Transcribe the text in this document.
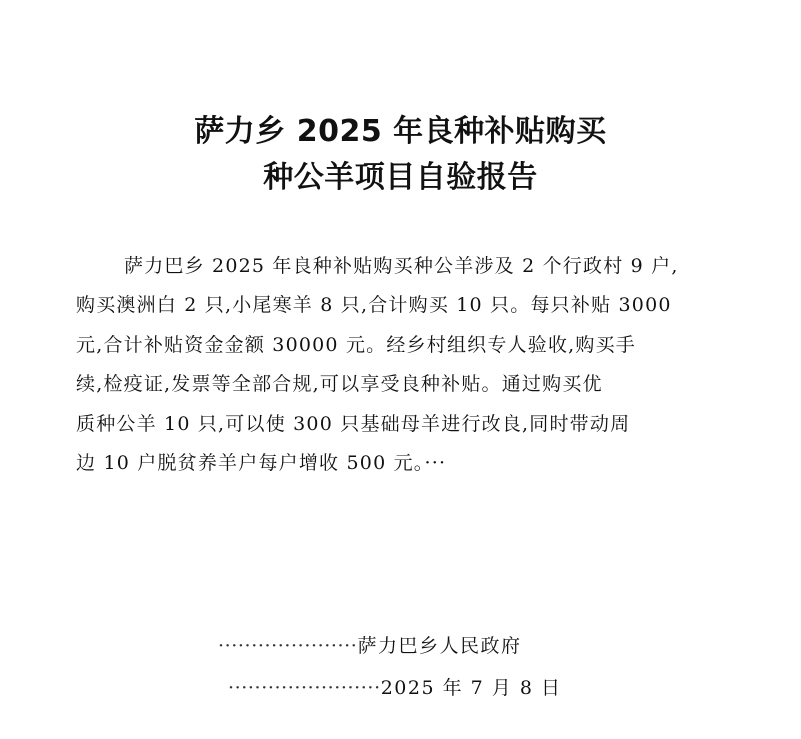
萨力乡 2025 年良种补贴购买
种公羊项目自验报告
萨力巴乡 2025 年良种补贴购买种公羊涉及 2 个行政村 9 户,
购买澳洲白 2 只,小尾寒羊 8 只,合计购买 10 只。每只补贴 3000
元,合计补贴资金金额 30000 元。经乡村组织专人验收,购买手
续,检疫证,发票等全部合规,可以享受良种补贴。通过购买优
质种公羊 10 只,可以使 300 只基础母羊进行改良,同时带动周
边 10 户脱贫养羊户每户增收 500 元。···
·····················萨力巴乡人民政府
·······················2025 年 7 月 8 日
